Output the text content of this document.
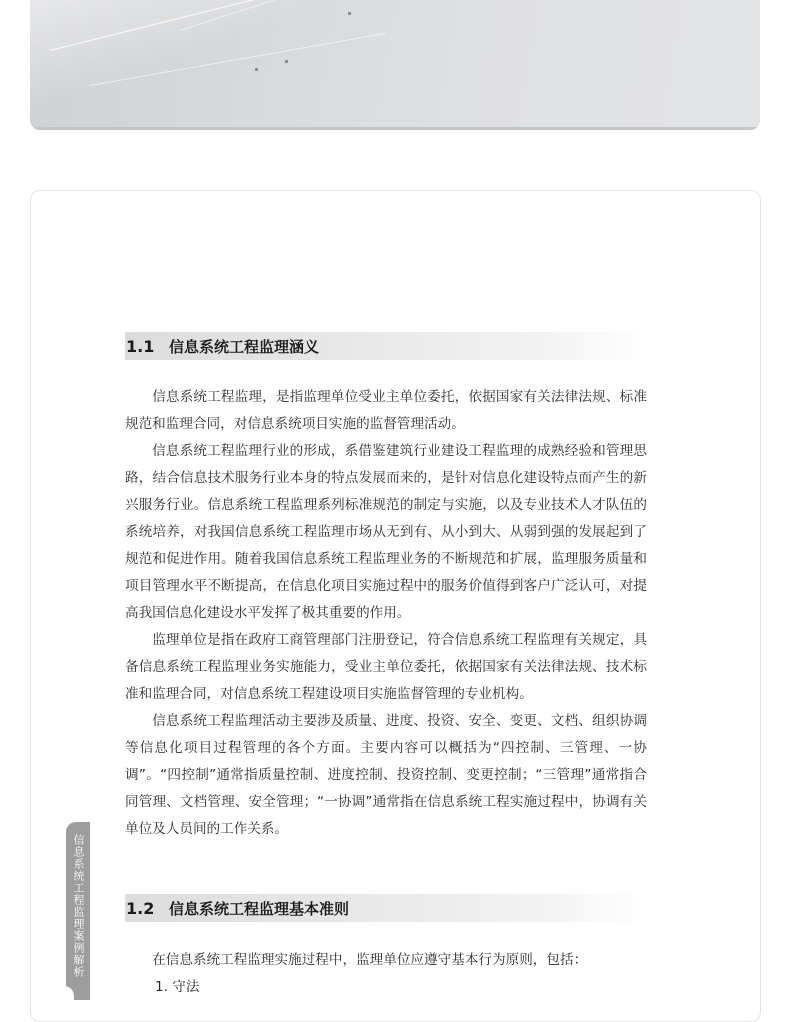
1.1 信息系统工程监理涵义

信息系统工程监理，是指监理单位受业主单位委托，依据国家有关法律法规、标准规范和监理合同，对信息系统项目实施的监督管理活动。

信息系统工程监理行业的形成，系借鉴建筑行业建设工程监理的成熟经验和管理思路，结合信息技术服务行业本身的特点发展而来的，是针对信息化建设特点而产生的新兴服务行业。信息系统工程监理系列标准规范的制定与实施，以及专业技术人才队伍的系统培养，对我国信息系统工程监理市场从无到有、从小到大、从弱到强的发展起到了规范和促进作用。随着我国信息系统工程监理业务的不断规范和扩展，监理服务质量和项目管理水平不断提高，在信息化项目实施过程中的服务价值得到客户广泛认可，对提高我国信息化建设水平发挥了极其重要的作用。

监理单位是指在政府工商管理部门注册登记，符合信息系统工程监理有关规定，具备信息系统工程监理业务实施能力，受业主单位委托，依据国家有关法律法规、技术标准和监理合同，对信息系统工程建设项目实施监督管理的专业机构。

信息系统工程监理活动主要涉及质量、进度、投资、安全、变更、文档、组织协调等信息化项目过程管理的各个方面。主要内容可以概括为“四控制、三管理、一协调”。“四控制”通常指质量控制、进度控制、投资控制、变更控制；“三管理”通常指合同管理、文档管理、安全管理；“一协调”通常指在信息系统工程实施过程中，协调有关单位及人员间的工作关系。

1.2 信息系统工程监理基本准则

在信息系统工程监理实施过程中，监理单位应遵守基本行为原则，包括：

1. 守法

信息系统工程监理案例解析
